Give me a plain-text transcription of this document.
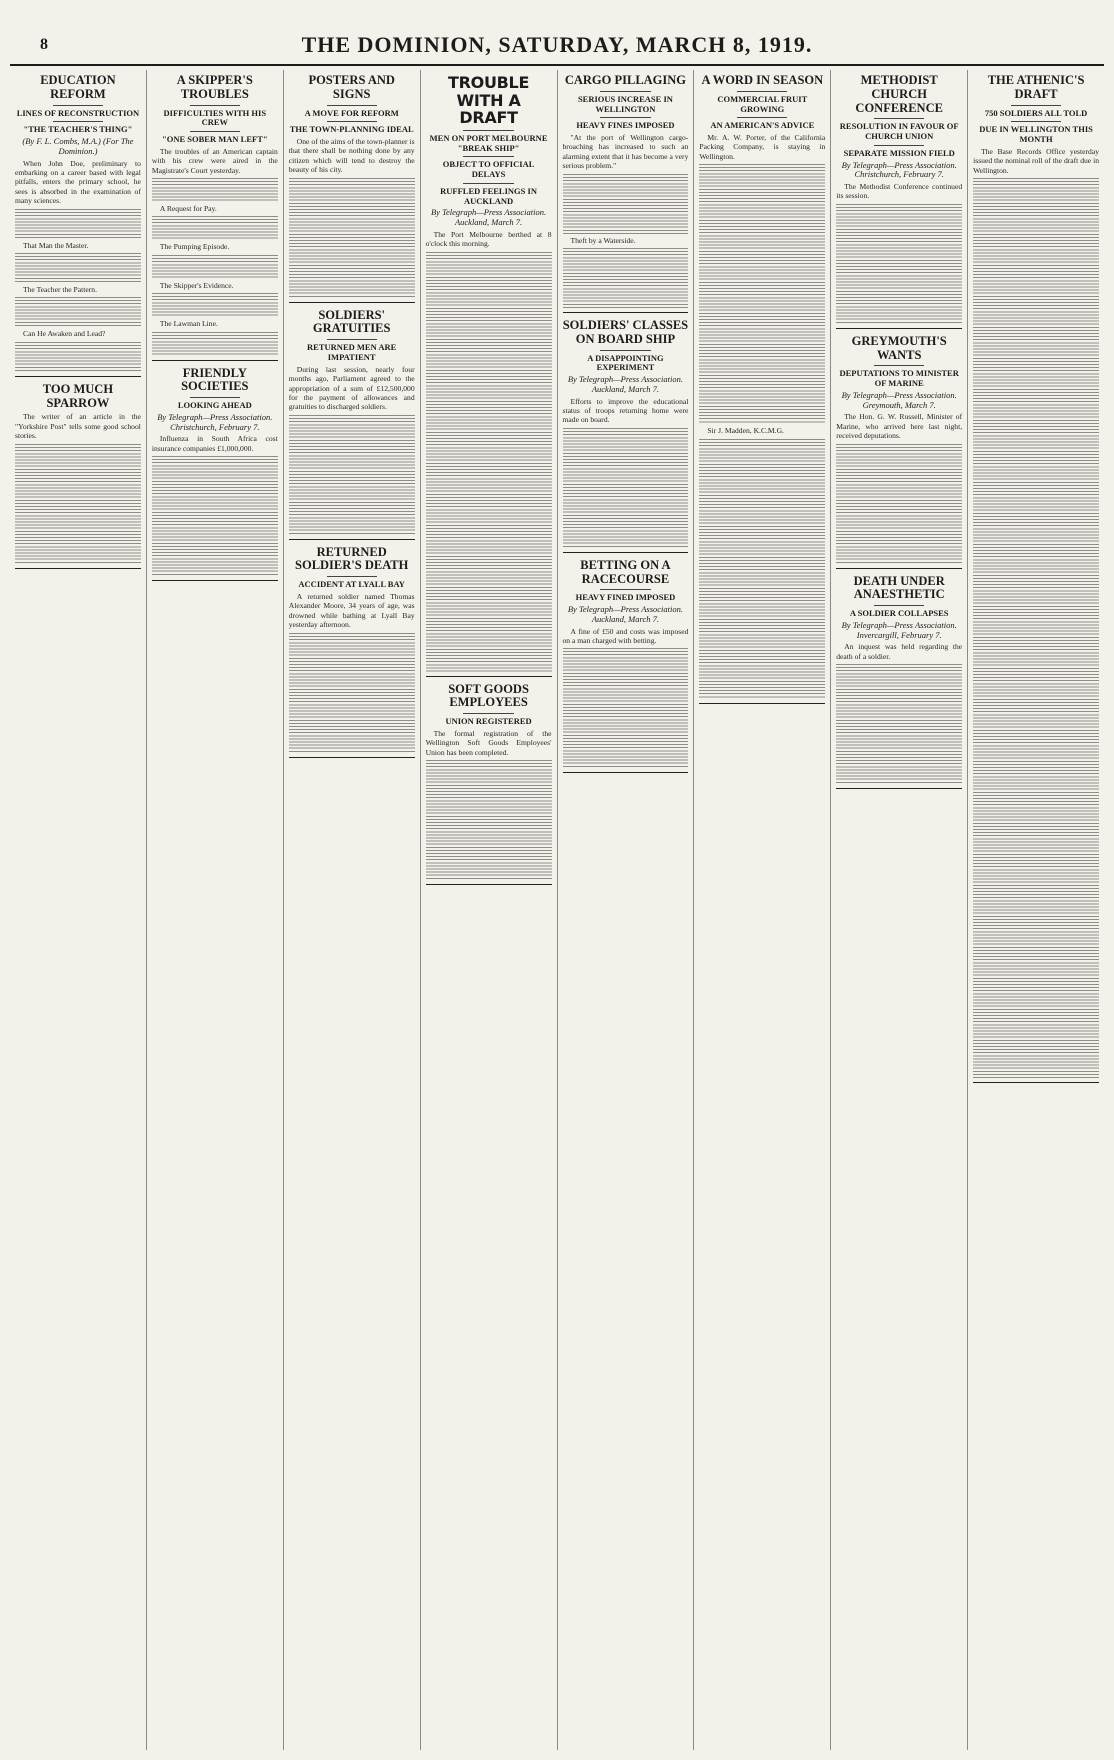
8	THE DOMINION, SATURDAY, MARCH 8, 1919.
EDUCATION REFORM
LINES OF RECONSTRUCTION
"THE TEACHER'S THING"
(By F. L. Combs, M.A.) (For The Dominion.)

When John Doe, preliminary to embarking on a career based with legal pitfalls, enters the primary school, he sees is absorbed in the examination of many sciences.

That Man the Master.

The Teacher the Pattern.

Can He Awaken and Lead?

TOO MUCH SPARROW

The writer of an article in the "Yorkshire Post" tells some good school stories.

A SKIPPER'S TROUBLES
DIFFICULTIES WITH HIS CREW
"ONE SOBER MAN LEFT"

The troubles of an American captain with his crew were aired in the Magistrate's Court yesterday.

A Request for Pay.

The Pumping Episode.

The Skipper's Evidence.

The Lawman Line.

FRIENDLY SOCIETIES
LOOKING AHEAD
By Telegraph—Press Association. Christchurch, February 7.

Influenza in South Africa cost insurance companies £1,000,000.

POSTERS AND SIGNS
A MOVE FOR REFORM
THE TOWN-PLANNING IDEAL

One of the aims of the town-planner is that there shall be nothing done by any citizen which will tend to destroy the beauty of his city.

SOLDIERS' GRATUITIES
RETURNED MEN ARE IMPATIENT

During last session, nearly four months ago, Parliament agreed to the appropriation of a sum of £12,500,000 for the payment of allowances and gratuities to discharged soldiers.

RETURNED SOLDIER'S DEATH
ACCIDENT AT LYALL BAY

A returned soldier named Thomas Alexander Moore, 34 years of age, was drowned while bathing at Lyall Bay yesterday afternoon.

TROUBLE WITH A DRAFT
MEN ON PORT MELBOURNE "BREAK SHIP"
OBJECT TO OFFICIAL DELAYS
RUFFLED FEELINGS IN AUCKLAND
By Telegraph—Press Association. Auckland, March 7.

The Port Melbourne berthed at 8 o'clock this morning.

SOFT GOODS EMPLOYEES
UNION REGISTERED

The formal registration of the Wellington Soft Goods Employees' Union has been completed.

CARGO PILLAGING
SERIOUS INCREASE IN WELLINGTON
HEAVY FINES IMPOSED

"At the port of Wellington cargo-broaching has increased to such an alarming extent that it has become a very serious problem."

Theft by a Waterside.

SOLDIERS' CLASSES ON BOARD SHIP
A DISAPPOINTING EXPERIMENT
By Telegraph—Press Association. Auckland, March 7.

Efforts to improve the educational status of troops returning home were made on board.

BETTING ON A RACECOURSE
HEAVY FINED IMPOSED
By Telegraph—Press Association. Auckland, March 7.

A fine of £50 and costs was imposed on a man charged with betting.

A WORD IN SEASON
COMMERCIAL FRUIT GROWING
AN AMERICAN'S ADVICE

Mr. A. W. Porter, of the California Packing Company, is staying in Wellington.

Sir J. Madden, K.C.M.G.

METHODIST CHURCH CONFERENCE
RESOLUTION IN FAVOUR OF CHURCH UNION
SEPARATE MISSION FIELD
By Telegraph—Press Association. Christchurch, February 7.

The Methodist Conference continued its session.

GREYMOUTH'S WANTS
DEPUTATIONS TO MINISTER OF MARINE
By Telegraph—Press Association. Greymouth, March 7.

The Hon. G. W. Russell, Minister of Marine, who arrived here last night, received deputations.

DEATH UNDER ANAESTHETIC
A SOLDIER COLLAPSES
By Telegraph—Press Association. Invercargill, February 7.

An inquest was held regarding the death of a soldier.

THE ATHENIC'S DRAFT
750 SOLDIERS ALL TOLD
DUE IN WELLINGTON THIS MONTH

The Base Records Office yesterday issued the nominal roll of the draft due in Wellington.
